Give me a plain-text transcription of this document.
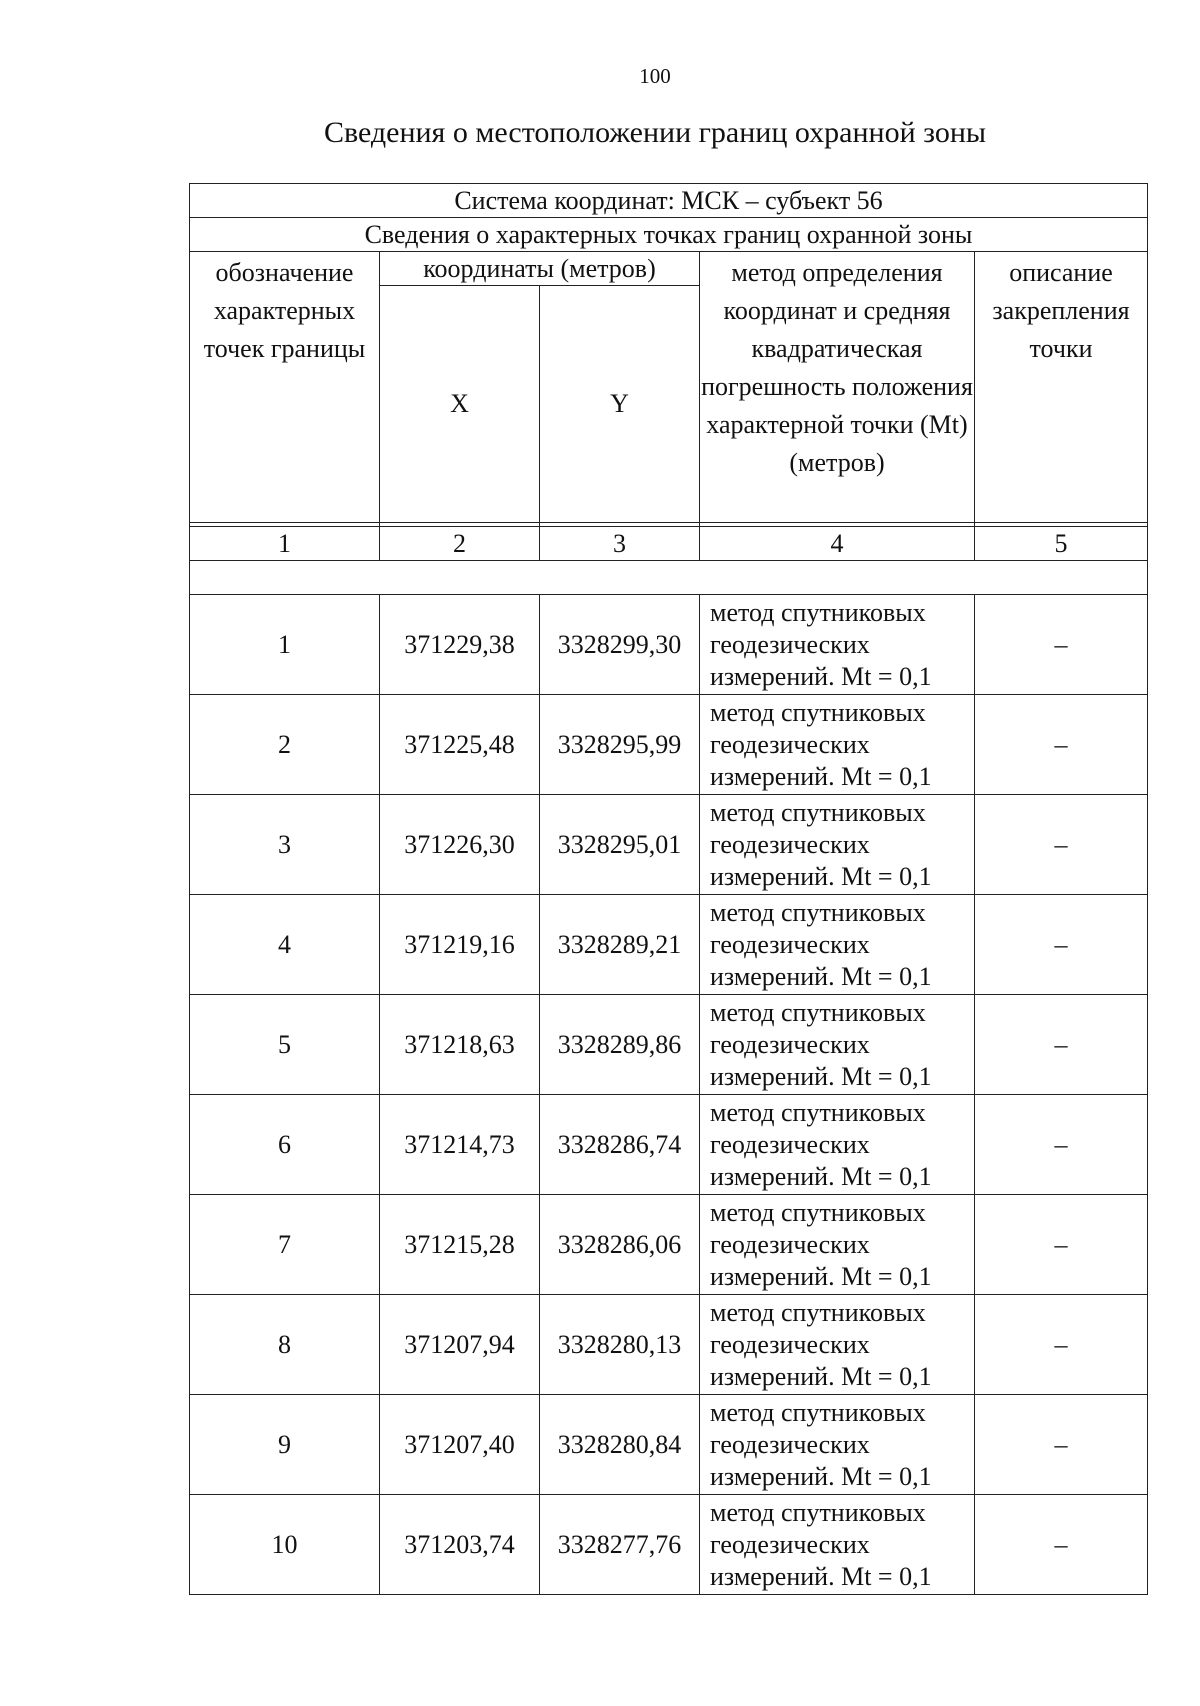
100
Сведения о местоположении границ охранной зоны
Система координат: МСК – субъект 56				
Сведения о характерных точках границ охранной зоны				
обозначение характерных точек границы	координаты (метров)		метод определения координат и средняя квадратическая погрешность положения характерной точки (Mt) (метров)	описание закрепления точки
	X	Y		

1	2	3	4	5

1	371229,38	3328299,30	метод спутниковых геодезических измерений. Mt = 0,1	–
2	371225,48	3328295,99	метод спутниковых геодезических измерений. Mt = 0,1	–
3	371226,30	3328295,01	метод спутниковых геодезических измерений. Mt = 0,1	–
4	371219,16	3328289,21	метод спутниковых геодезических измерений. Mt = 0,1	–
5	371218,63	3328289,86	метод спутниковых геодезических измерений. Mt = 0,1	–
6	371214,73	3328286,74	метод спутниковых геодезических измерений. Mt = 0,1	–
7	371215,28	3328286,06	метод спутниковых геодезических измерений. Mt = 0,1	–
8	371207,94	3328280,13	метод спутниковых геодезических измерений. Mt = 0,1	–
9	371207,40	3328280,84	метод спутниковых геодезических измерений. Mt = 0,1	–
10	371203,74	3328277,76	метод спутниковых геодезических измерений. Mt = 0,1	–
